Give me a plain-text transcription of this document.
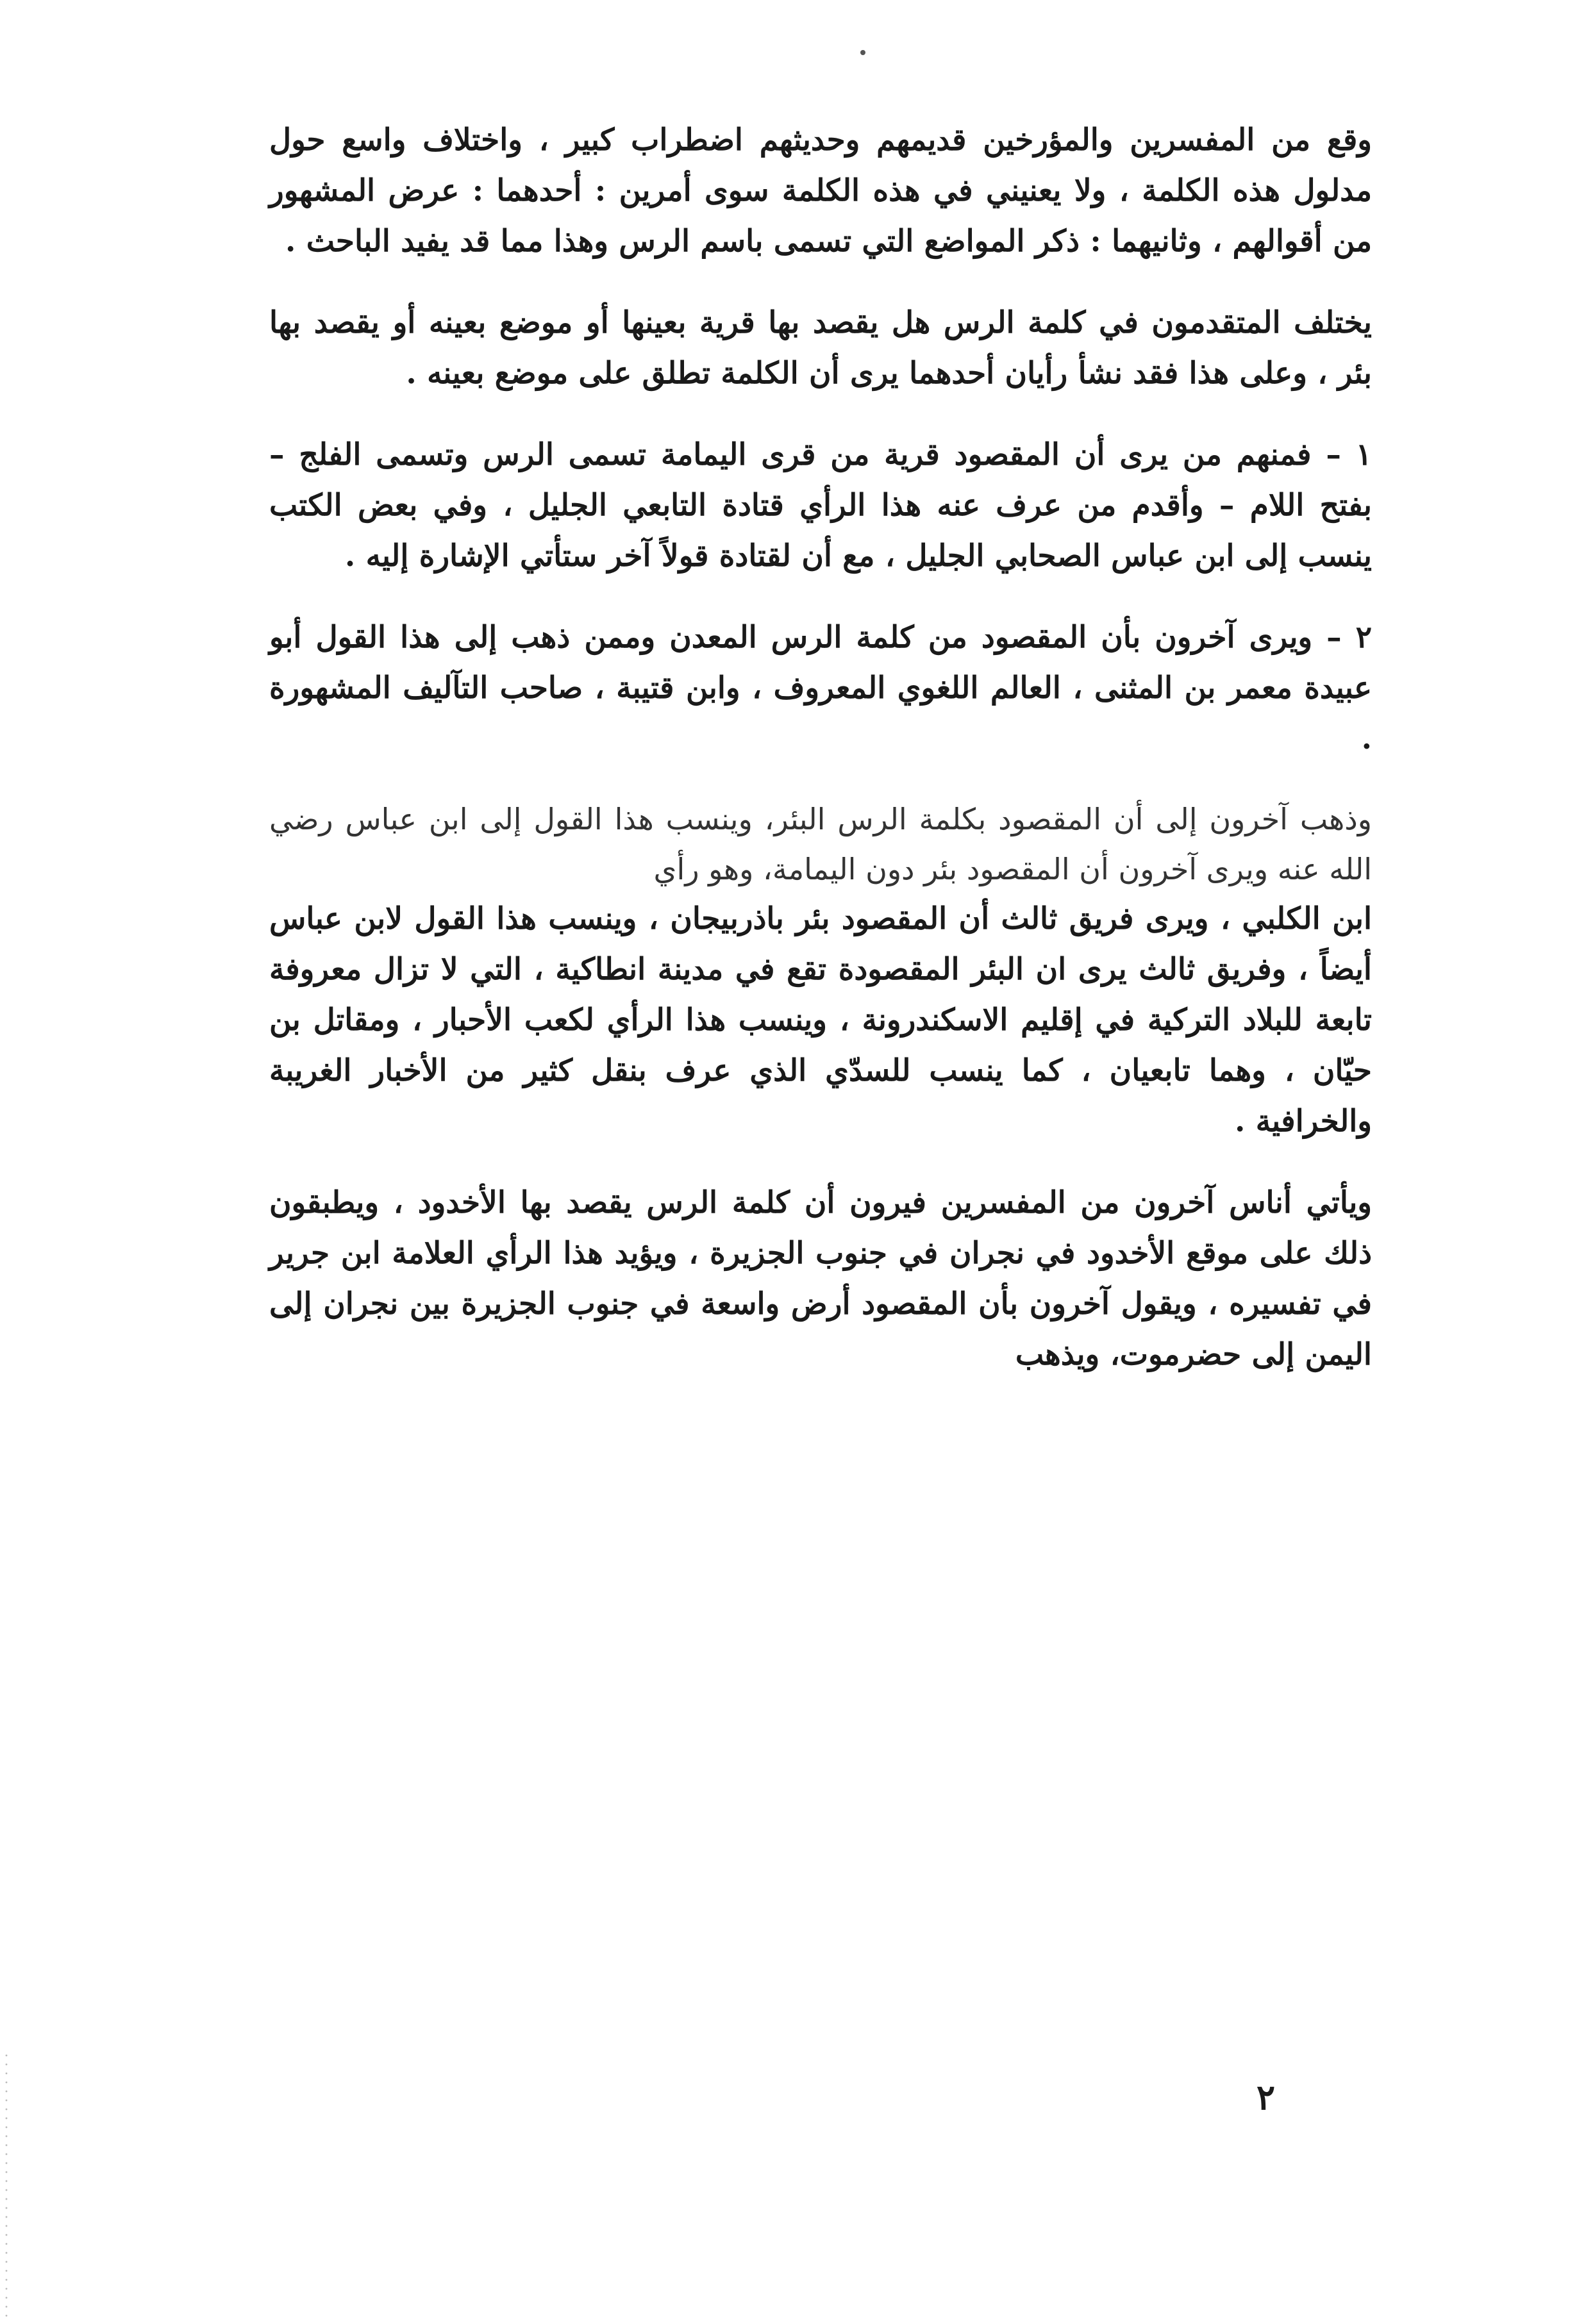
وقع من المفسرين والمؤرخين قديمهم وحديثهم اضطراب كبير ، واختلاف واسع حول مدلول هذه الكلمة ، ولا يعنيني في هذه الكلمة سوى أمرين : أحدهما : عرض المشهور من أقوالهم ، وثانيهما : ذكر المواضع التي تسمى باسم الرس وهذا مما قد يفيد الباحث .

يختلف المتقدمون في كلمة الرس هل يقصد بها قرية بعينها أو موضع بعينه أو يقصد بها بئر ، وعلى هذا فقد نشأ رأيان أحدهما يرى أن الكلمة تطلق على موضع بعينه .

١ – فمنهم من يرى أن المقصود قرية من قرى اليمامة تسمى الرس وتسمى الفلج – بفتح اللام – وأقدم من عرف عنه هذا الرأي قتادة التابعي الجليل ، وفي بعض الكتب ينسب إلى ابن عباس الصحابي الجليل ، مع أن لقتادة قولاً آخر ستأتي الإشارة إليه .

٢ – ويرى آخرون بأن المقصود من كلمة الرس المعدن وممن ذهب إلى هذا القول أبو عبيدة معمر بن المثنى ، العالم اللغوي المعروف ، وابن قتيبة ، صاحب التآليف المشهورة .

وذهب آخرون إلى أن المقصود بكلمة الرس البئر، وينسب هذا القول إلى ابن عباس رضي الله عنه ويرى آخرون أن المقصود بئر دون اليمامة، وهو رأي

ابن الكلبي ، ويرى فريق ثالث أن المقصود بئر باذربيجان ، وينسب هذا القول لابن عباس أيضاً ، وفريق ثالث يرى ان البئر المقصودة تقع في مدينة انطاكية ، التي لا تزال معروفة تابعة للبلاد التركية في إقليم الاسكندرونة ، وينسب هذا الرأي لكعب الأحبار ، ومقاتل بن حيّان ، وهما تابعيان ، كما ينسب للسدّي الذي عرف بنقل كثير من الأخبار الغريبة والخرافية .

ويأتي أناس آخرون من المفسرين فيرون أن كلمة الرس يقصد بها الأخدود ، ويطبقون ذلك على موقع الأخدود في نجران في جنوب الجزيرة ، ويؤيد هذا الرأي العلامة ابن جرير في تفسيره ، ويقول آخرون بأن المقصود أرض واسعة في جنوب الجزيرة بين نجران إلى اليمن إلى حضرموت، ويذهب

٢
